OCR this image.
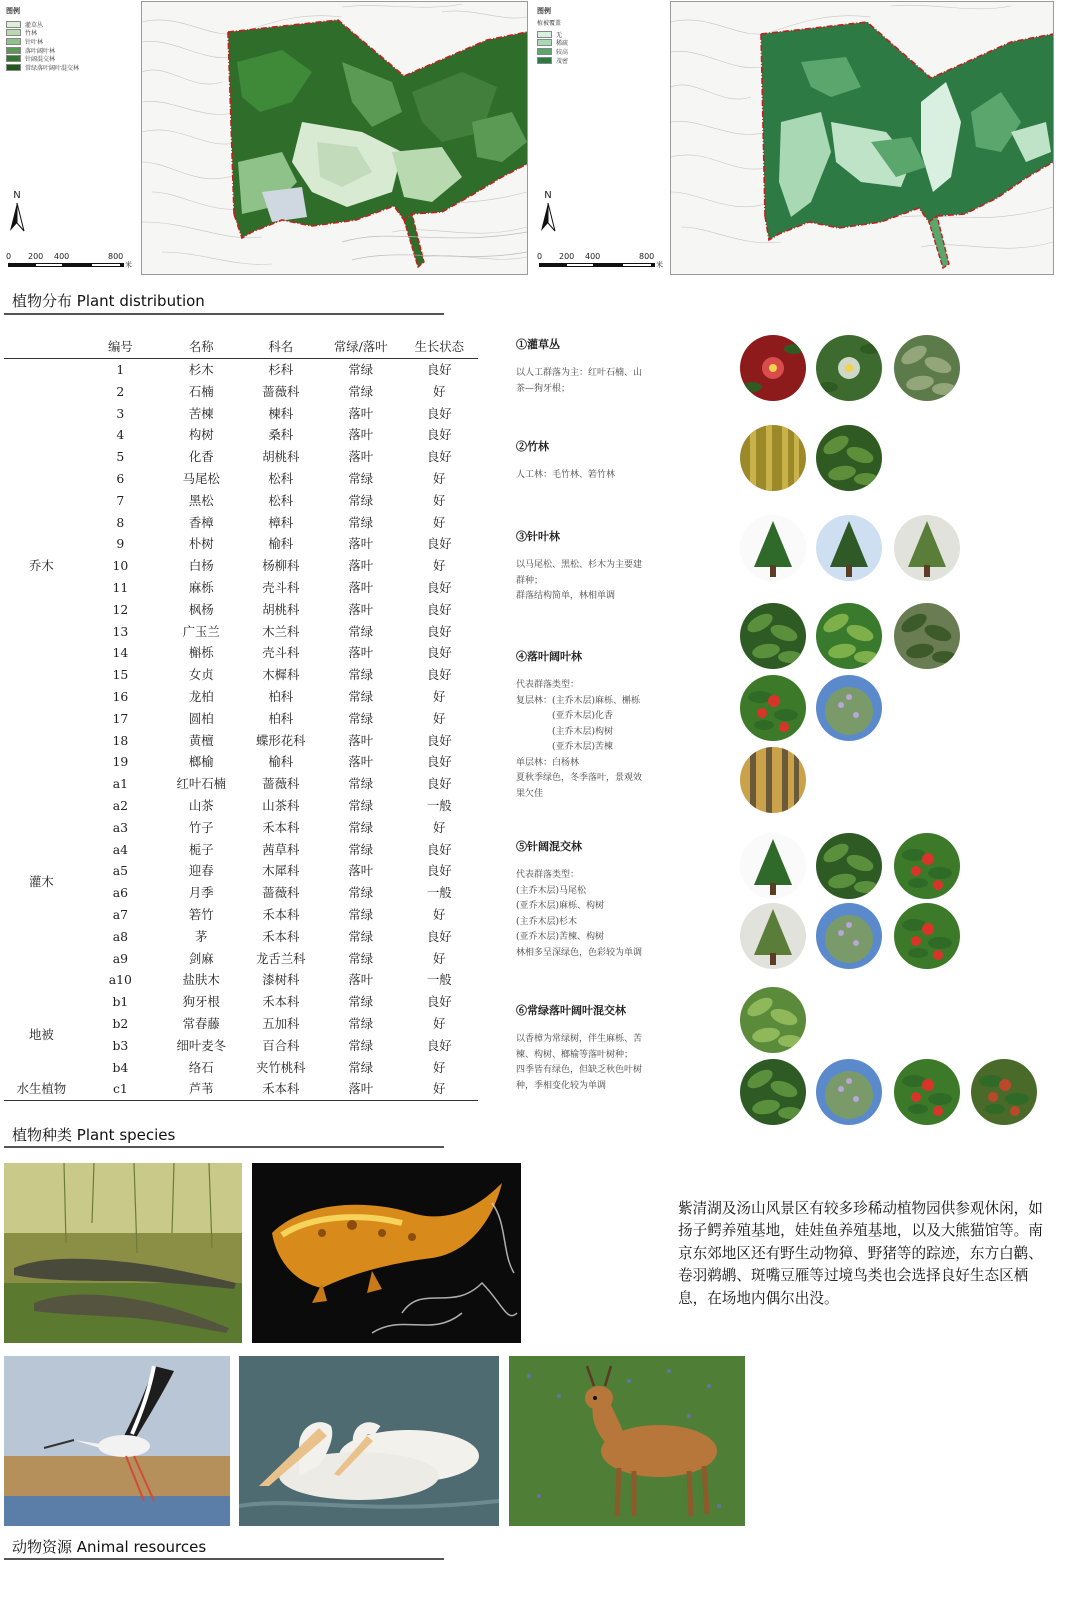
图例
灌草丛
竹林
针叶林
落叶阔叶林
针阔混交林
常绿落叶阔叶混交林
N
0 200 400	800
米
图例
植被覆盖
无
稀疏
较高
茂密
N
0 200 400	800
米
植物分布 Plant distribution
	编号	名称	科名	常绿/落叶	生长状态
乔木	1	杉木	杉科	常绿	良好
	2	石楠	蔷薇科	常绿	好
	3	苦楝	楝科	落叶	良好
	4	构树	桑科	落叶	良好
	5	化香	胡桃科	落叶	良好
	6	马尾松	松科	常绿	好
	7	黑松	松科	常绿	好
	8	香樟	樟科	常绿	好
	9	朴树	榆科	落叶	良好
	10	白杨	杨柳科	落叶	好
	11	麻栎	壳斗科	落叶	良好
	12	枫杨	胡桃科	落叶	良好
	13	广玉兰	木兰科	常绿	良好
	14	槲栎	壳斗科	落叶	良好
	15	女贞	木樨科	常绿	良好
	16	龙柏	柏科	常绿	好
	17	圆柏	柏科	常绿	好
	18	黄檀	蝶形花科	落叶	良好
	19	榔榆	榆科	落叶	良好
灌木	a1	红叶石楠	蔷薇科	常绿	良好
	a2	山茶	山茶科	常绿	一般
	a3	竹子	禾本科	常绿	好
	a4	栀子	茜草科	常绿	良好
	a5	迎春	木犀科	落叶	良好
	a6	月季	蔷薇科	常绿	一般
	a7	箬竹	禾本科	常绿	好
	a8	茅	禾本科	常绿	良好
	a9	剑麻	龙舌兰科	常绿	好
	a10	盐肤木	漆树科	落叶	一般
地被	b1	狗牙根	禾本科	常绿	良好
	b2	常春藤	五加科	常绿	好
	b3	细叶麦冬	百合科	常绿	良好
	b4	络石	夹竹桃科	常绿	好
水生植物	c1	芦苇	禾本科	落叶	好
①灌草丛
以人工群落为主：红叶石楠、山
茶—狗牙根；
②竹林
人工林：毛竹林、箬竹林
③针叶林
以马尾松、黑松、杉木为主要建
群种；
群落结构简单，林相单调
④落叶阔叶林
代表群落类型：
复层林：(主乔木层)麻栎、槲栎
　　　　(亚乔木层)化香
　　　　(主乔木层)构树
　　　　(亚乔木层)苦楝
单层林：白杨林
夏秋季绿色，冬季落叶，景观效
果欠佳
⑤针阔混交林
代表群落类型：
(主乔木层)马尾松
(亚乔木层)麻栎、构树
(主乔木层)杉木
(亚乔木层)苦楝、构树
林相多呈深绿色，色彩较为单调
⑥常绿落叶阔叶混交林
以香樟为常绿树，伴生麻栎、苦
楝、构树、榔榆等落叶树种；
四季皆有绿色，但缺乏秋色叶树
种，季相变化较为单调
植物种类 Plant species
紫清湖及汤山风景区有较多珍稀动植物园供参观休闲，如扬子鳄养殖基地，娃娃鱼养殖基地，以及大熊猫馆等。南京东郊地区还有野生动物獐、野猪等的踪迹，东方白鹳、卷羽鹈鹕、斑嘴豆雁等过境鸟类也会选择良好生态区栖息，在场地内偶尔出没。
动物资源 Animal resources
